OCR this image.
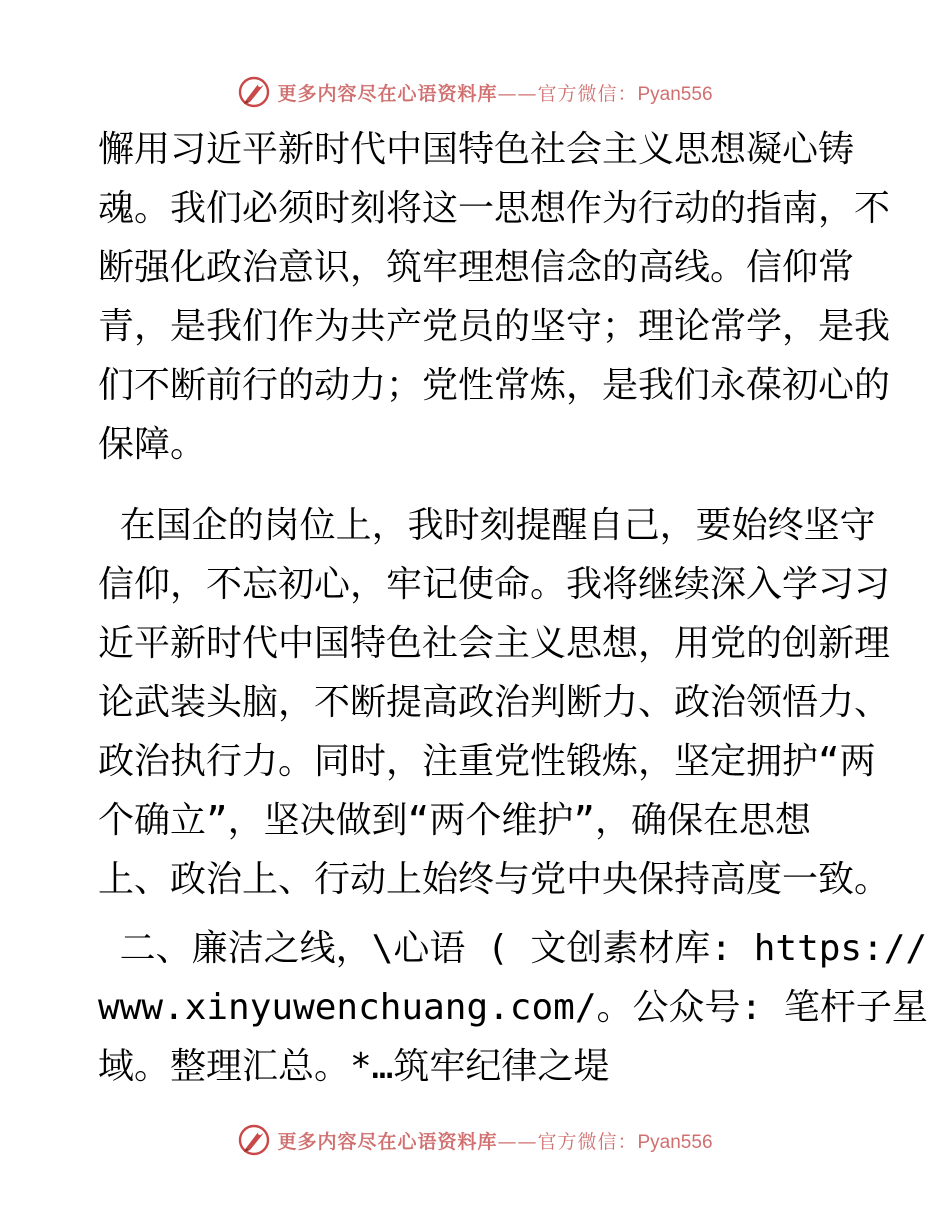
更多内容尽在心语资料库——官方微信：Pyan556
懈用习近平新时代中国特色社会主义思想凝心铸
魂。我们必须时刻将这一思想作为行动的指南，不
断强化政治意识，筑牢理想信念的高线。信仰常
青，是我们作为共产党员的坚守；理论常学，是我
们不断前行的动力；党性常炼，是我们永葆初心的
保障。
在国企的岗位上，我时刻提醒自己，要始终坚守
信仰，不忘初心，牢记使命。我将继续深入学习习
近平新时代中国特色社会主义思想，用党的创新理
论武装头脑，不断提高政治判断力、政治领悟力、
政治执行力。同时，注重党性锻炼，坚定拥护“两
个确立”，坚决做到“两个维护”，确保在思想
上、政治上、行动上始终与党中央保持高度一致。
二、廉洁之线，\心语 ( 文创素材库: https://
www.xinyuwenchuang.com/。公众号: 笔杆子星
域。整理汇总。*…筑牢纪律之堤
更多内容尽在心语资料库——官方微信：Pyan556
